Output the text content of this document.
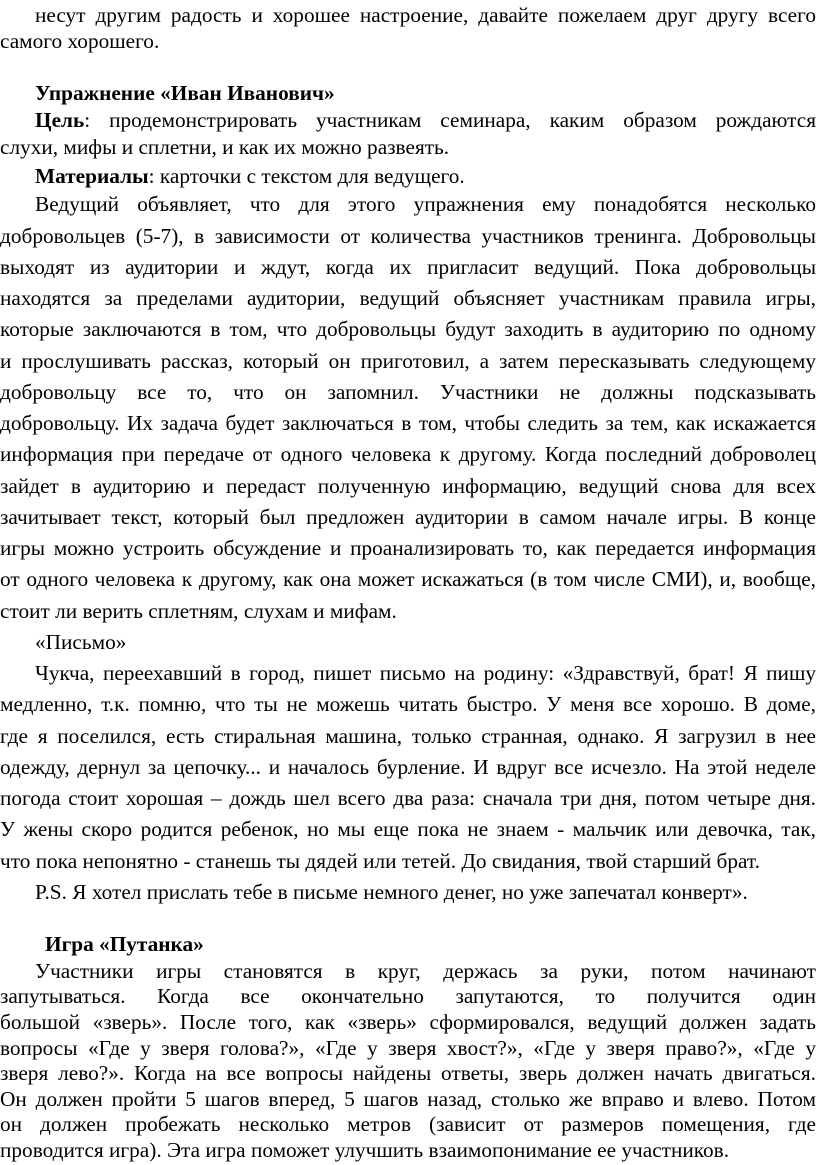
несут другим радость и хорошее настроение, давайте пожелаем друг другу всего
самого хорошего.
Упражнение «Иван Иванович»
Цель: продемонстрировать участникам семинара, каким образом рождаются
слухи, мифы и сплетни, и как их можно развеять.
Материалы: карточки с текстом для ведущего.
Ведущий объявляет, что для этого упражнения ему понадобятся несколько
добровольцев (5-7), в зависимости от количества участников тренинга. Добровольцы
выходят из аудитории и ждут, когда их пригласит ведущий. Пока добровольцы
находятся за пределами аудитории, ведущий объясняет участникам правила игры,
которые заключаются в том, что добровольцы будут заходить в аудиторию по одному
и прослушивать рассказ, который он приготовил, а затем пересказывать следующему
добровольцу все то, что он запомнил. Участники не должны подсказывать
добровольцу. Их задача будет заключаться в том, чтобы следить за тем, как искажается
информация при передаче от одного человека к другому. Когда последний доброволец
зайдет в аудиторию и передаст полученную информацию, ведущий снова для всех
зачитывает текст, который был предложен аудитории в самом начале игры. В конце
игры можно устроить обсуждение и проанализировать то, как передается информация
от одного человека к другому, как она может искажаться (в том числе СМИ), и, вообще,
стоит ли верить сплетням, слухам и мифам.
«Письмо»
Чукча, переехавший в город, пишет письмо на родину: «Здравствуй, брат! Я пишу
медленно, т.к. помню, что ты не можешь читать быстро. У меня все хорошо. В доме,
где я поселился, есть стиральная машина, только странная, однако. Я загрузил в нее
одежду, дернул за цепочку... и началось бурление. И вдруг все исчезло. На этой неделе
погода стоит хорошая – дождь шел всего два раза: сначала три дня, потом четыре дня.
У жены скоро родится ребенок, но мы еще пока не знаем - мальчик или девочка, так,
что пока непонятно - станешь ты дядей или тетей. До свидания, твой старший брат.
P.S. Я хотел прислать тебе в письме немного денег, но уже запечатал конверт».
Игра «Путанка»
Участники игры становятся в круг, держась за руки, потом начинают
запутываться. Когда все окончательно запутаются, то получится один
большой «зверь». После того, как «зверь» сформировался, ведущий должен задать
вопросы «Где у зверя голова?», «Где у зверя хвост?», «Где у зверя право?», «Где у
зверя лево?». Когда на все вопросы найдены ответы, зверь должен начать двигаться.
Он должен пройти 5 шагов вперед, 5 шагов назад, столько же вправо и влево. Потом
он должен пробежать несколько метров (зависит от размеров помещения, где
проводится игра). Эта игра поможет улучшить взаимопонимание ее участников.
